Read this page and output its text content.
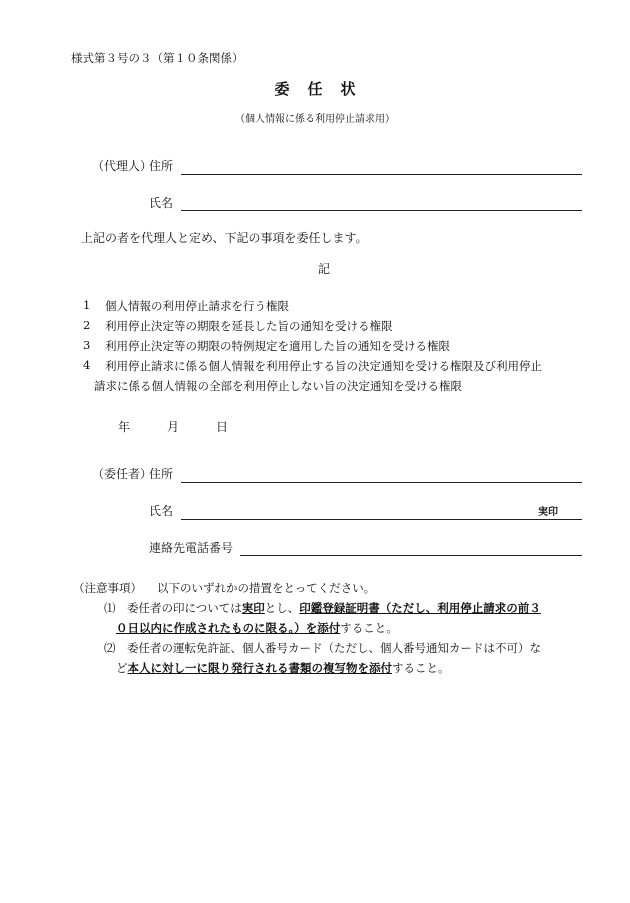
様式第３号の３（第１０条関係）
委任状
（個人情報に係る利用停止請求用）
（代理人）
住所
氏名
上記の者を代理人と定め、下記の事項を委任します。
記
1 個人情報の利用停止請求を行う権限
2 利用停止決定等の期限を延長した旨の通知を受ける権限
3 利用停止決定等の期限の特例規定を適用した旨の通知を受ける権限
4 利用停止請求に係る個人情報を利用停止する旨の決定通知を受ける権限及び利用停止
請求に係る個人情報の全部を利用停止しない旨の決定通知を受ける権限
年	月	日
（委任者）
住所
氏名	実印
連絡先電話番号
（注意事項） 以下のいずれかの措置をとってください。
⑴ 委任者の印については実印とし、印鑑登録証明書（ただし、利用停止請求の前３
０日以内に作成されたものに限る。）を添付すること。
⑵ 委任者の運転免許証、個人番号カード（ただし、個人番号通知カードは不可）な
ど本人に対し一に限り発行される書類の複写物を添付すること。
